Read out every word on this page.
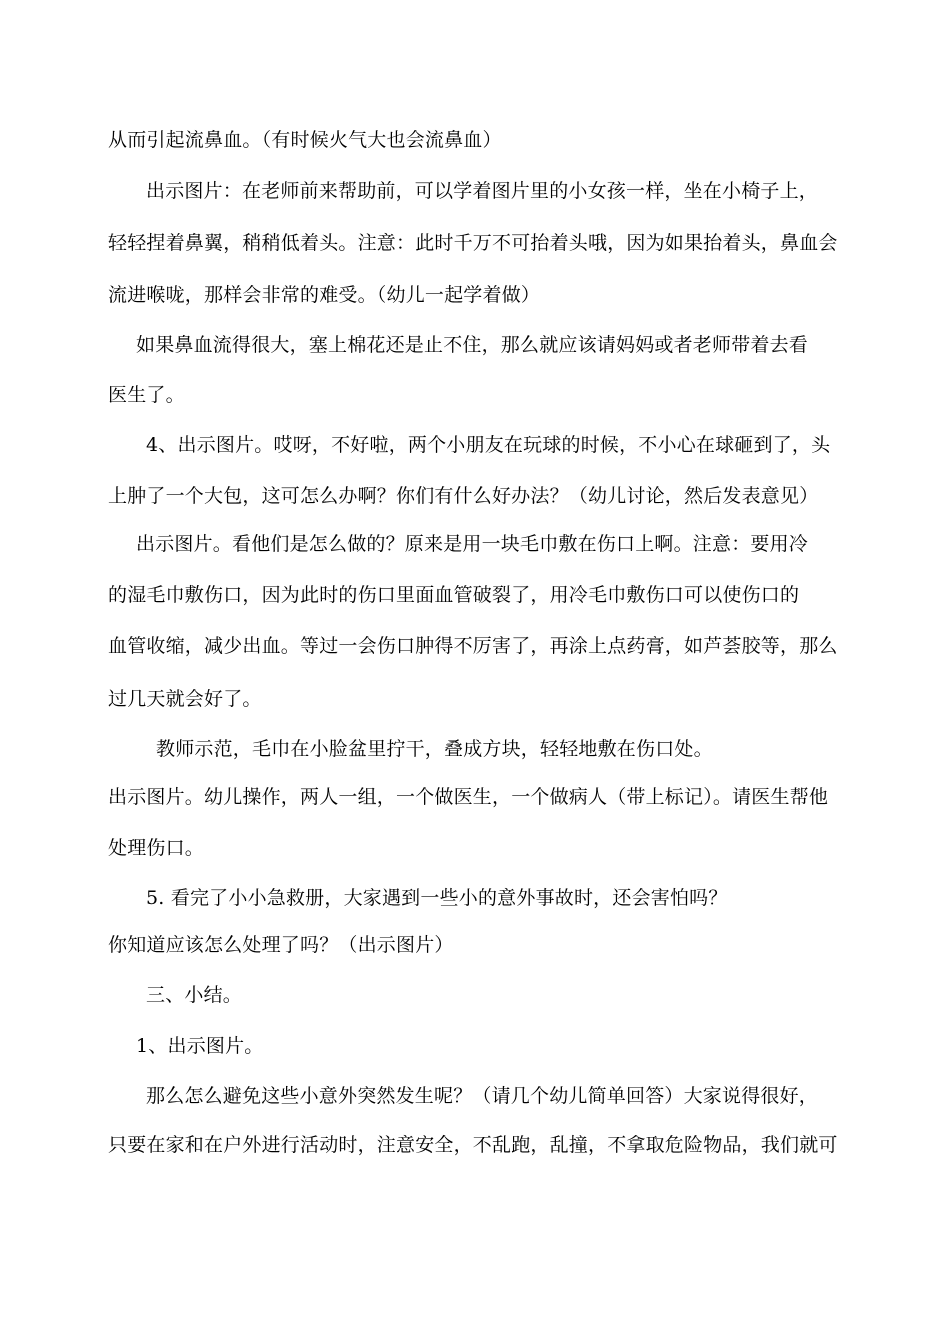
从而引起流鼻血。（有时候火气大也会流鼻血）
出示图片：在老师前来帮助前，可以学着图片里的小女孩一样，坐在小椅子上，
轻轻捏着鼻翼，稍稍低着头。注意：此时千万不可抬着头哦，因为如果抬着头，鼻血会
流进喉咙，那样会非常的难受。（幼儿一起学着做）
如果鼻血流得很大，塞上棉花还是止不住，那么就应该请妈妈或者老师带着去看
医生了。
4、出示图片。哎呀，不好啦，两个小朋友在玩球的时候，不小心在球砸到了，头
上肿了一个大包，这可怎么办啊？你们有什么好办法？（幼儿讨论，然后发表意见）
出示图片。看他们是怎么做的？原来是用一块毛巾敷在伤口上啊。注意：要用冷
的湿毛巾敷伤口，因为此时的伤口里面血管破裂了，用冷毛巾敷伤口可以使伤口的
血管收缩，减少出血。等过一会伤口肿得不厉害了，再涂上点药膏，如芦荟胶等，那么
过几天就会好了。
教师示范，毛巾在小脸盆里拧干，叠成方块，轻轻地敷在伤口处。
出示图片。幼儿操作，两人一组，一个做医生，一个做病人（带上标记）。请医生帮他
处理伤口。
5. 看完了小小急救册，大家遇到一些小的意外事故时，还会害怕吗？
你知道应该怎么处理了吗？（出示图片）
三、小结。
1、出示图片。
那么怎么避免这些小意外突然发生呢？（请几个幼儿简单回答）大家说得很好，
只要在家和在户外进行活动时，注意安全，不乱跑，乱撞，不拿取危险物品，我们就可
